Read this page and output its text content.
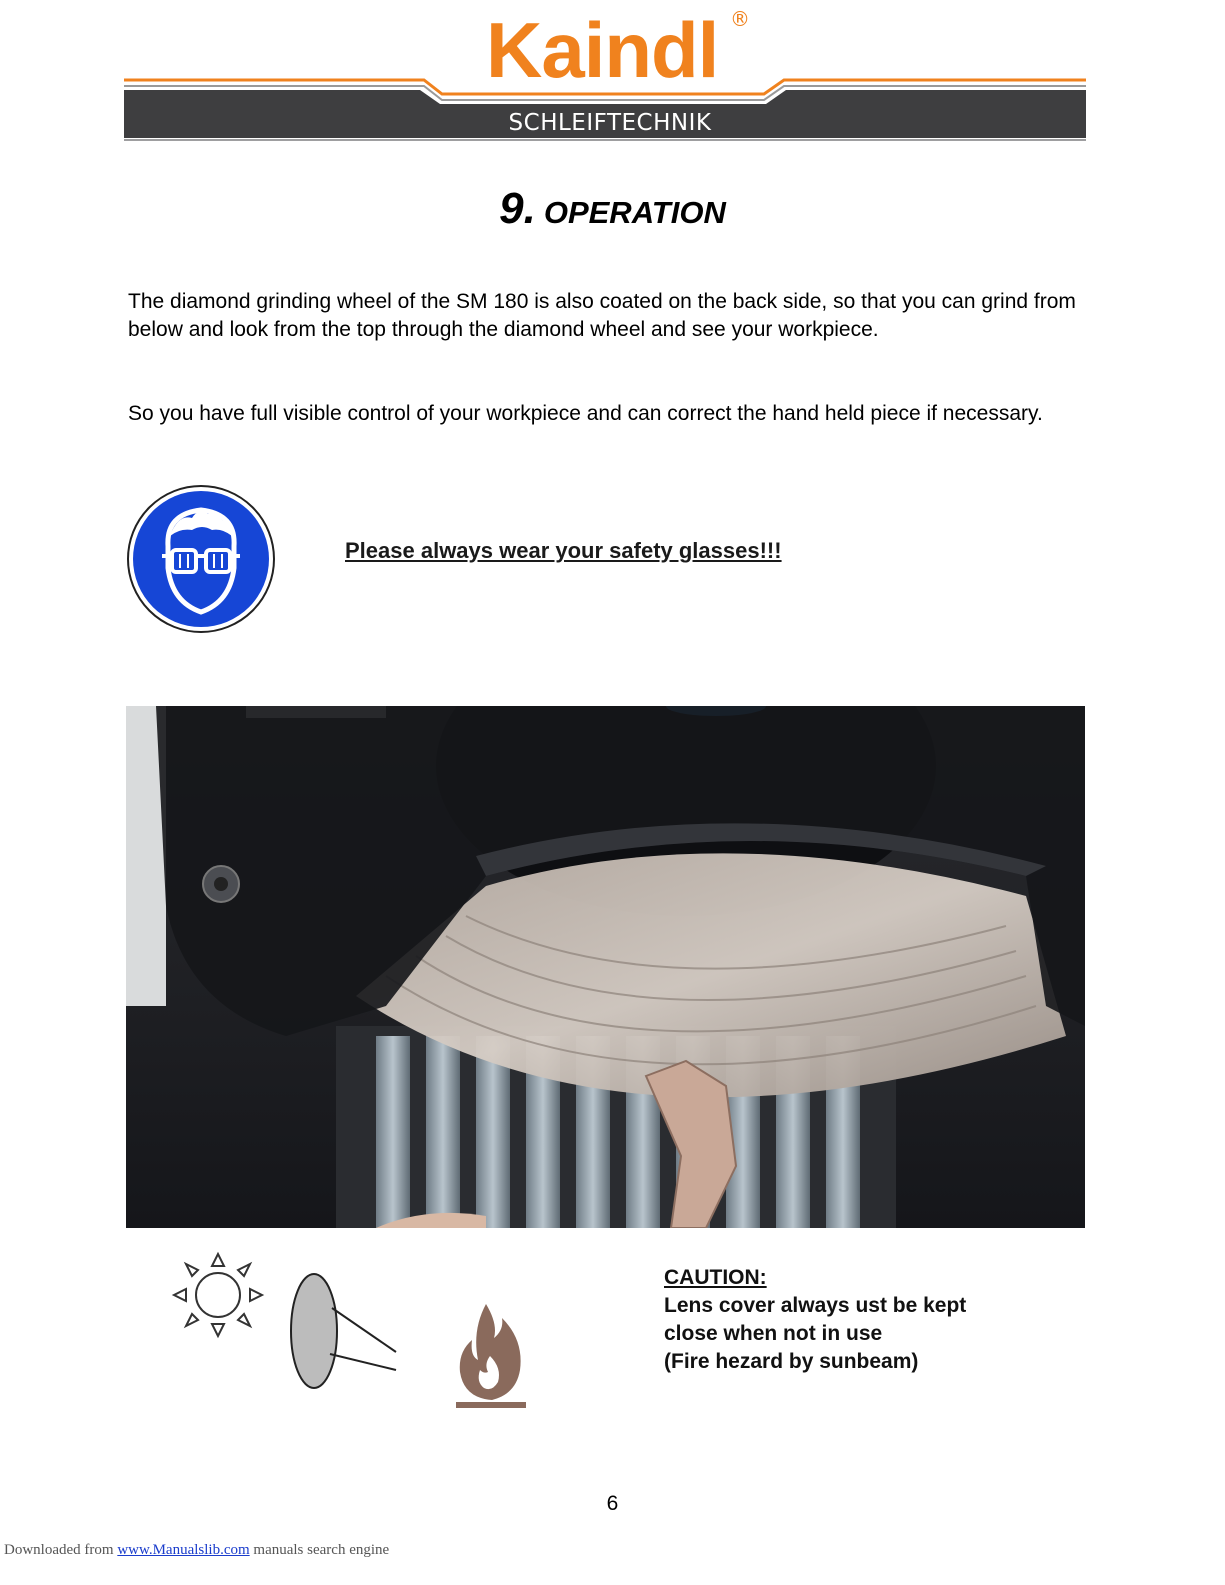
Kaindl ®
SCHLEIFTECHNIK
9. OPERATION
The diamond grinding wheel of the SM 180 is also coated on the back side, so that you can grind from below and look from the top through the diamond wheel and see your workpiece.
So you have full visible control of your workpiece and can correct the hand held piece if necessary.
Please always wear your safety glasses!!!
CAUTION:
Lens cover always ust be kept
close when not in use
(Fire hezard by sunbeam)
6
Downloaded from www.Manualslib.com manuals search engine
